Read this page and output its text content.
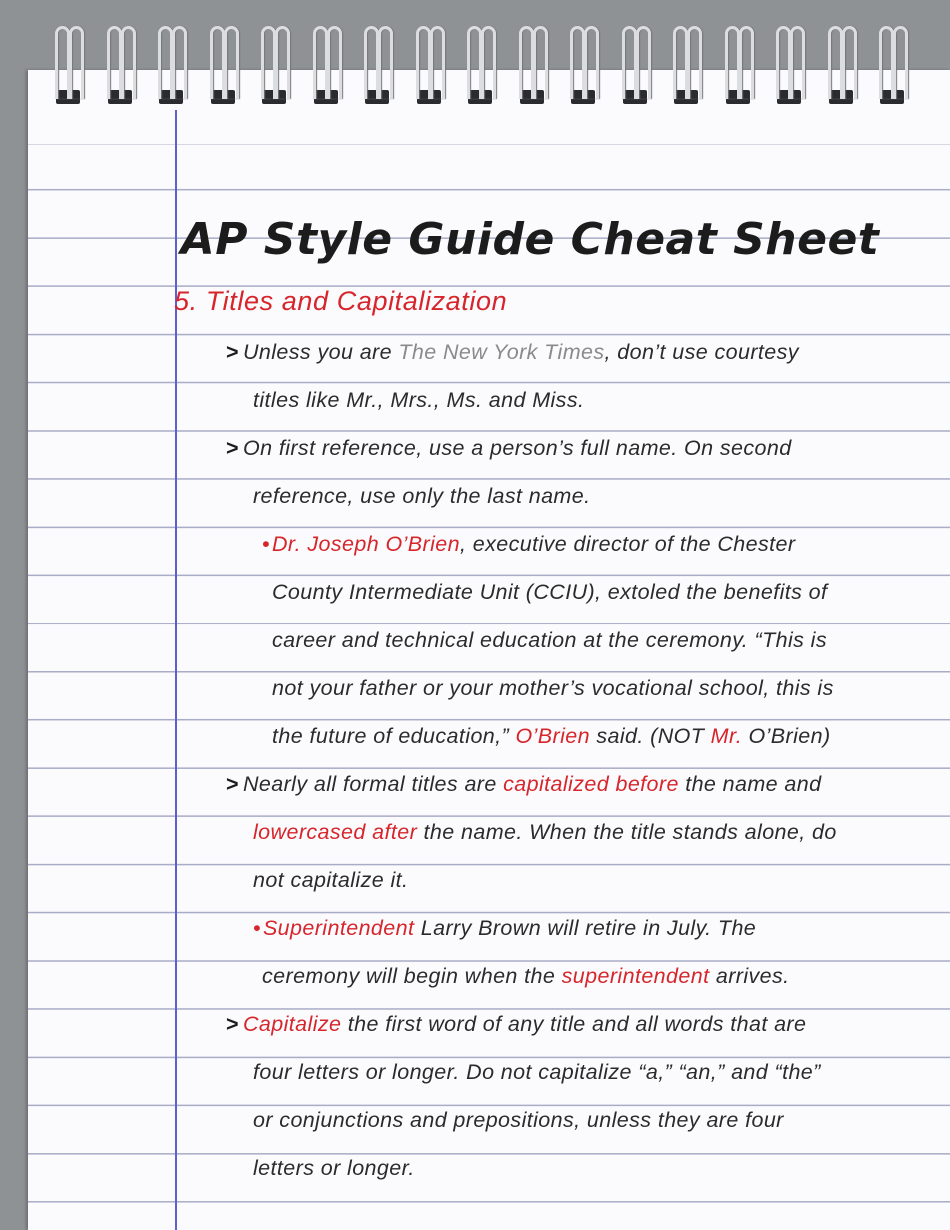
AP Style Guide Cheat Sheet
5. Titles and Capitalization
> Unless you are The New York Times, don’t use courtesy
titles like Mr., Mrs., Ms. and Miss.
> On first reference, use a person’s full name. On second
reference, use only the last name.
•Dr. Joseph O’Brien, executive director of the Chester
County Intermediate Unit (CCIU), extoled the benefits of
career and technical education at the ceremony. “This is
not your father or your mother’s vocational school, this is
the future of education,” O’Brien said. (NOT Mr. O’Brien)
> Nearly all formal titles are capitalized before the name and
lowercased after the name. When the title stands alone, do
not capitalize it.
•Superintendent Larry Brown will retire in July. The
ceremony will begin when the superintendent arrives.
> Capitalize the first word of any title and all words that are
four letters or longer. Do not capitalize “a,” “an,” and “the”
or conjunctions and prepositions, unless they are four
letters or longer.
